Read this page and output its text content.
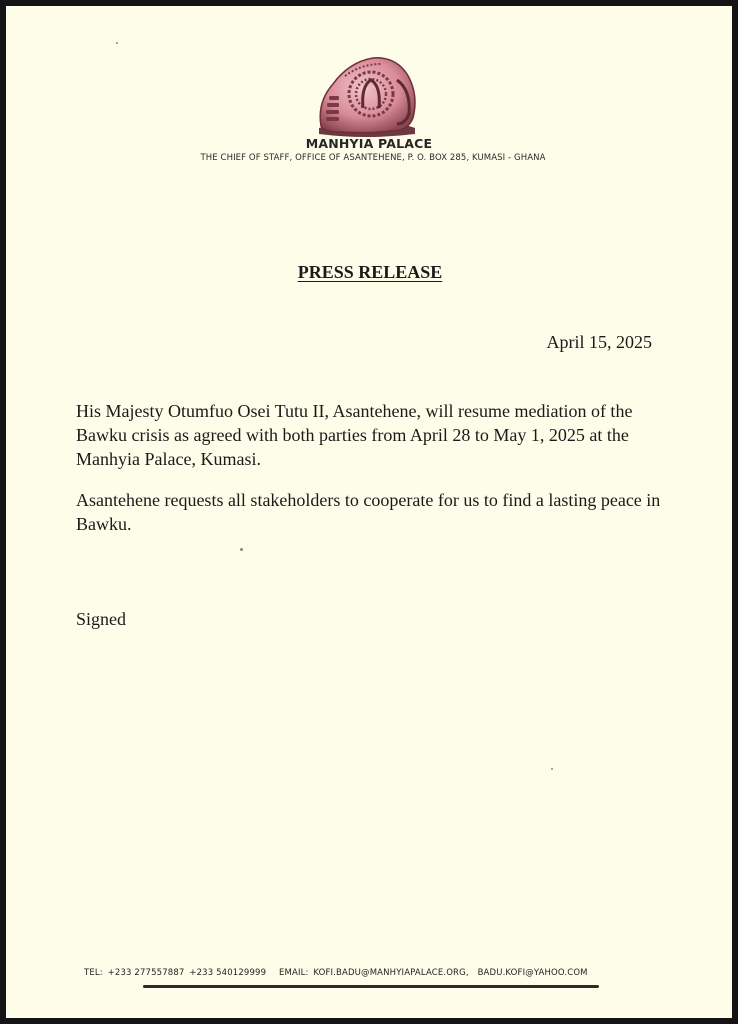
MANHYIA PALACE
THE CHIEF OF STAFF, OFFICE OF ASANTEHENE, P. O. BOX 285, KUMASI - GHANA
PRESS RELEASE
April 15, 2025

His Majesty Otumfuo Osei Tutu II, Asantehene, will resume mediation of the Bawku crisis as agreed with both parties from April 28 to May 1, 2025 at the Manhyia Palace, Kumasi.

Asantehene requests all stakeholders to cooperate for us to find a lasting peace in Bawku.

Signed
TEL: +233 277557887 +233 540129999 EMAIL: KOFI.BADU@MANHYIAPALACE.ORG, BADU.KOFI@YAHOO.COM
